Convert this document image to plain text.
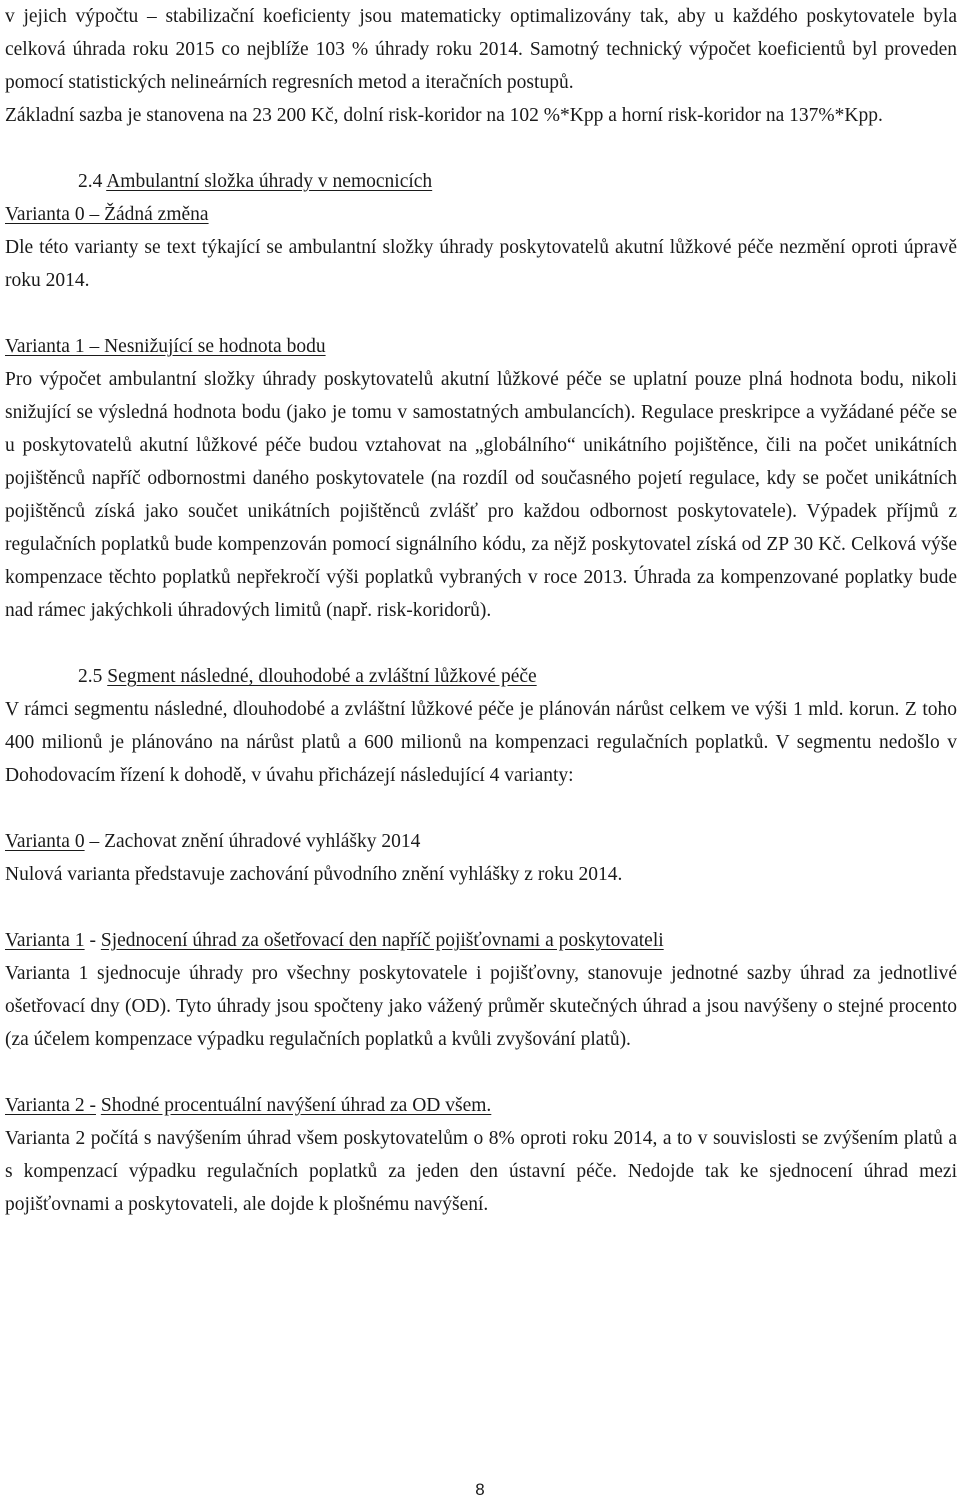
v jejich výpočtu – stabilizační koeficienty jsou matematicky optimalizovány tak, aby u každého poskytovatele byla celková úhrada roku 2015 co nejblíže 103 % úhrady roku 2014. Samotný technický výpočet koeficientů byl proveden pomocí statistických nelineárních regresních metod a iteračních postupů.

Základní sazba je stanovena na 23 200 Kč, dolní risk-koridor na 102 %*Kpp a horní risk-koridor na 137%*Kpp.

2.4 Ambulantní složka úhrady v nemocnicích

Varianta 0 – Žádná změna

Dle této varianty se text týkající se ambulantní složky úhrady poskytovatelů akutní lůžkové péče nezmění oproti úpravě roku 2014.

Varianta 1 – Nesnižující se hodnota bodu

Pro výpočet ambulantní složky úhrady poskytovatelů akutní lůžkové péče se uplatní pouze plná hodnota bodu, nikoli snižující se výsledná hodnota bodu (jako je tomu v samostatných ambulancích). Regulace preskripce a vyžádané péče se u poskytovatelů akutní lůžkové péče budou vztahovat na „globálního“ unikátního pojištěnce, čili na počet unikátních pojištěnců napříč odbornostmi daného poskytovatele (na rozdíl od současného pojetí regulace, kdy se počet unikátních pojištěnců získá jako součet unikátních pojištěnců zvlášť pro každou odbornost poskytovatele). Výpadek příjmů z regulačních poplatků bude kompenzován pomocí signálního kódu, za nějž poskytovatel získá od ZP 30 Kč. Celková výše kompenzace těchto poplatků nepřekročí výši poplatků vybraných v roce 2013. Úhrada za kompenzované poplatky bude nad rámec jakýchkoli úhradových limitů (např. risk-koridorů).

2.5 Segment následné, dlouhodobé a zvláštní lůžkové péče

V rámci segmentu následné, dlouhodobé a zvláštní lůžkové péče je plánován nárůst celkem ve výši 1 mld. korun. Z toho 400 milionů je plánováno na nárůst platů a 600 milionů na kompenzaci regulačních poplatků. V segmentu nedošlo v Dohodovacím řízení k dohodě, v úvahu přicházejí následující 4 varianty:

Varianta 0 – Zachovat znění úhradové vyhlášky 2014

Nulová varianta představuje zachování původního znění vyhlášky z roku 2014.

Varianta 1 - Sjednocení úhrad za ošetřovací den napříč pojišťovnami a poskytovateli

Varianta 1 sjednocuje úhrady pro všechny poskytovatele i pojišťovny, stanovuje jednotné sazby úhrad za jednotlivé ošetřovací dny (OD). Tyto úhrady jsou spočteny jako vážený průměr skutečných úhrad a jsou navýšeny o stejné procento (za účelem kompenzace výpadku regulačních poplatků a kvůli zvyšování platů).

Varianta 2 - Shodné procentuální navýšení úhrad za OD všem.

Varianta 2 počítá s navýšením úhrad všem poskytovatelům o 8% oproti roku 2014, a to v souvislosti se zvýšením platů a s kompenzací výpadku regulačních poplatků za jeden den ústavní péče. Nedojde tak ke sjednocení úhrad mezi pojišťovnami a poskytovateli, ale dojde k plošnému navýšení.

8
